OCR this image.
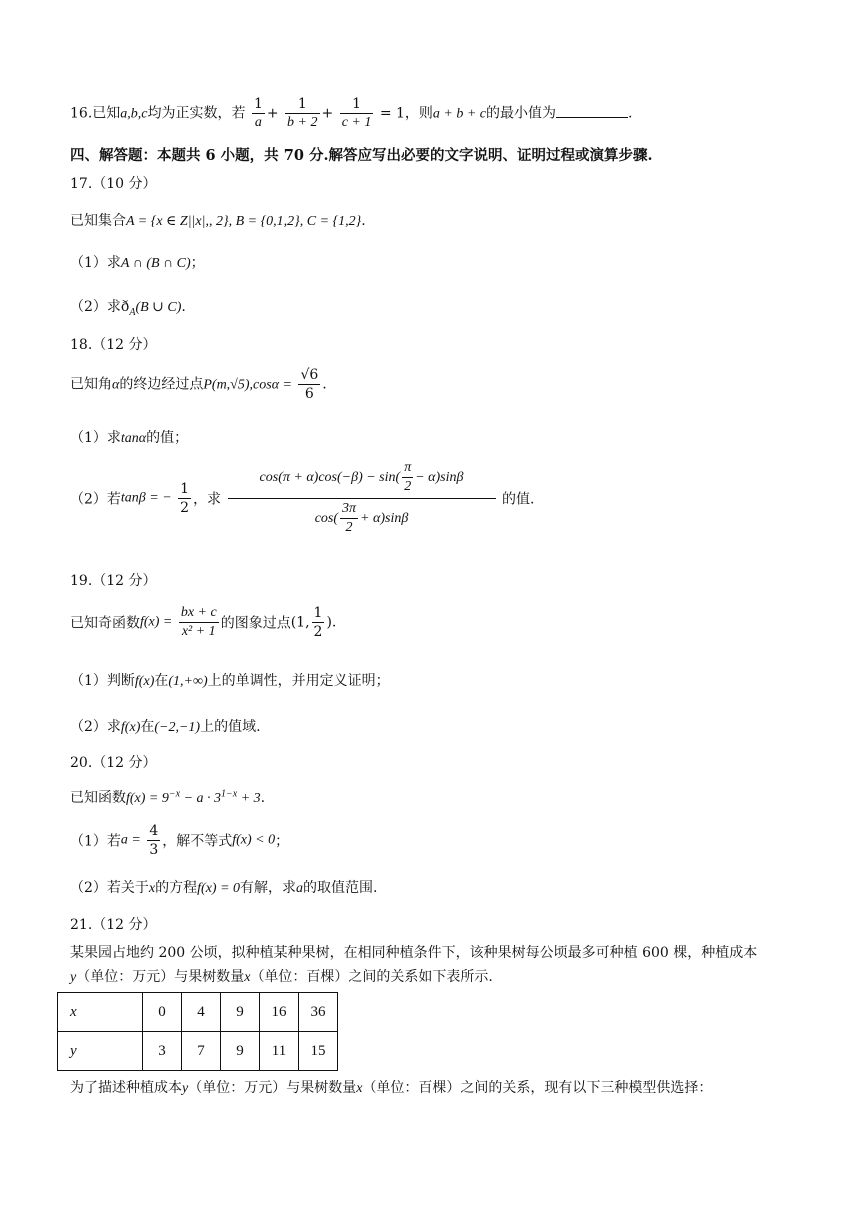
16.已知a,b,c均为正实数，若 $\frac{1}{a} + \frac{1}{b + 2} + \frac{1}{c + 1} = 1$，则a + b + c的最小值为	.
四、解答题：本题共 6 小题，共 70 分.解答应写出必要的文字说明、证明过程或演算步骤.
17.（10 分）
已知集合A = {x ∈ Z||x|,, 2}, B = {0,1,2}, C = {1,2}.
（1）求A ∩ (B ∩ C)；
（2）求$ð_A(B$ ∪ C).
18.（12 分）
已知角α的终边经过点$P(m,√5),\cos\alpha = \frac{√6}{6}$ .
（1）求tanα的值；
（2）若tanβ = − $\frac{1}{2}$ ，求 $\frac{\cos(\pi + \alpha)\cos(-\beta) - \sin( \frac{\pi}{2} - \alpha)\sin\beta}{\cos( \frac{3\pi}{2} + \alpha)\sin\beta}$ 的值.
19.（12 分）
已知奇函数$f(x) = \frac{bx + c}{\text{x² + 1}}$ 的图象过点(1, $\frac{1}{2}$ ).
（1）判断f(x)在(1,+∞)上的单调性，并用定义证明；
（2）求f(x)在(−2,−1)上的值域.
20.（12 分）
已知函数$f(x) = 9^{-x} - a \cdot 3^{1-x} + 3$.
（1）若$a = \frac{4}{3}$ ，解不等式f(x) < 0；
（2）若关于x的方程f(x) = 0有解，求a的取值范围.
21.（12 分）
某果园占地约 200 公顷，拟种植某种果树，在相同种植条件下，该种果树每公顷最多可种植 600 棵，种植成本
y（单位：万元）与果树数量x（单位：百棵）之间的关系如下表所示.
x	0	4	9	16	36
y	3	7	9	11	15
为了描述种植成本y（单位：万元）与果树数量x（单位：百棵）之间的关系，现有以下三种模型供选择：
